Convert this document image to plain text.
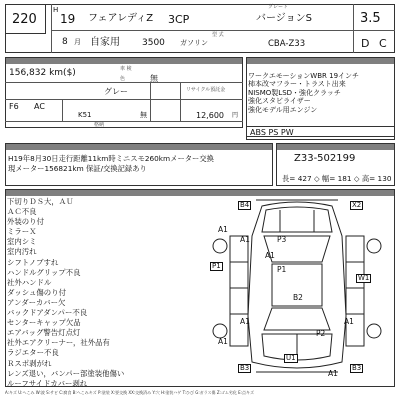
220
H
19 フェアレディZ 3CP
グレード
バージョンS	3.5
8 月 自家用 3500 ガソリン
型 式
CBA-Z33	D C
156,832 km($)	車 検
色	無
グレー	リサイクル預託金
F6 AC
K51	無	12,600 円
格納
ワークエモーションWBR 19インチ
柿本改マフラー・トラスト出来
NISMO製LSD・強化クラッチ
強化スタビライザー
強化モデル用エンジン
ABS PS PW
H19年8月30日走行距離11km時ミニスモ260kmメーター交換
現メーター156821km 保証/交換記録あり
Z33-502199
長= 427 ◇ 幅= 181 ◇ 高= 130
下切りＤＳ大，ＡＵ
ＡＣ不良
外装のり付
ミラーＸ
室内シミ
室内汚れ
シフトノブすれ
ハンドルグリップ不良
社外ハンドル
ダッシュ傷のり付
アンダーカバー欠
バックドアダンパー不良
センターキャップ欠品
エアバッグ警告灯点灯
社外エアクリーナー，社外品有
ラジエター不良
Ｒスポ剥がれ
レンズ退い，バンパー部塗装他傷い
ルーフサイドカバー剥れ
B4	X2
A1
A1	P3
A1
P1	P1
W1
B2
A1	A1
A1
P2
B3
U1
B3
A1
A:キズ U:へこみ W:波 S:サビ C:腐食 B:へこみキズ P:塗装 X:要交換 XX:交換済み Y:穴 H:塗装ハゲ T:ひび G:ガラス傷 Z:ゴム劣化 E:点キズ
